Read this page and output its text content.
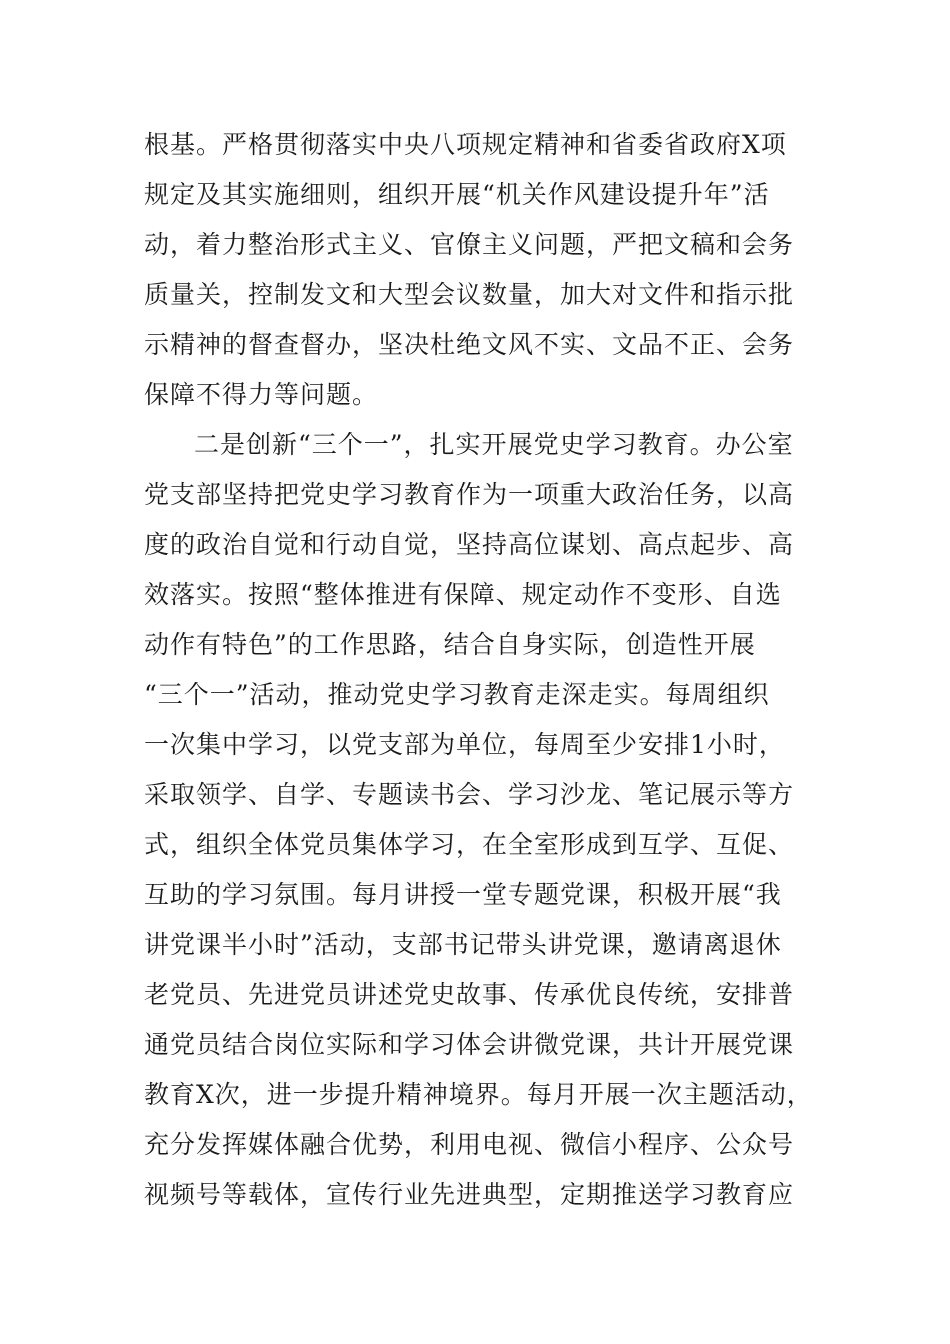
根基。严格贯彻落实中央八项规定精神和省委省政府X项
规定及其实施细则，组织开展“机关作风建设提升年”活
动，着力整治形式主义、官僚主义问题，严把文稿和会务
质量关，控制发文和大型会议数量，加大对文件和指示批
示精神的督查督办，坚决杜绝文风不实、文品不正、会务
保障不得力等问题。
二是创新“三个一”，扎实开展党史学习教育。办公室
党支部坚持把党史学习教育作为一项重大政治任务，以高
度的政治自觉和行动自觉，坚持高位谋划、高点起步、高
效落实。按照“整体推进有保障、规定动作不变形、自选
动作有特色”的工作思路，结合自身实际，创造性开展
“三个一”活动，推动党史学习教育走深走实。每周组织
一次集中学习，以党支部为单位，每周至少安排1小时，
采取领学、自学、专题读书会、学习沙龙、笔记展示等方
式，组织全体党员集体学习，在全室形成到互学、互促、
互助的学习氛围。每月讲授一堂专题党课，积极开展“我
讲党课半小时”活动，支部书记带头讲党课，邀请离退休
老党员、先进党员讲述党史故事、传承优良传统，安排普
通党员结合岗位实际和学习体会讲微党课，共计开展党课
教育X次，进一步提升精神境界。每月开展一次主题活动，
充分发挥媒体融合优势，利用电视、微信小程序、公众号
视频号等载体，宣传行业先进典型，定期推送学习教育应
